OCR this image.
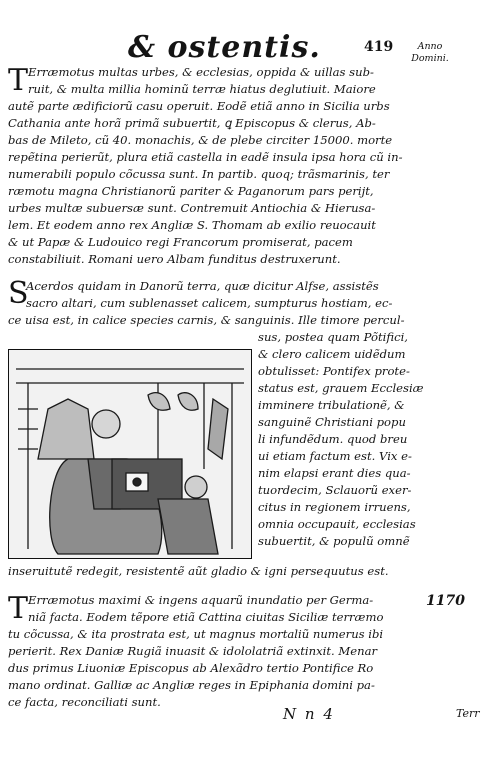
& ostentis.	419	Anno Domini.
T Erræmotus multas urbes, & ecclesias, oppida & uillas sub-
ruit, & multa millia hominũ terræ hiatus deglutiuit. Maiore
autẽ parte ædificiorũ casu operuit. Eodẽ etiã anno in Sicilia urbs
Cathania ante horã primã subuertit, ꝗ Episcopus & clerus, Ab-
bas de Mileto, cũ 40. monachis, & de plebe circiter 15000. morte
repẽtina perierũt, plura etiã castella in eadẽ insula ipsa hora cũ in-
numerabili populo cõcussa sunt. In partib. quoq; trãsmarinis, ter
ræmotu magna Christianorũ pariter & Paganorum pars perijt,
urbes multæ subuersæ sunt. Contremuit Antiochia & Hierusa-
lem. Et eodem anno rex Angliæ S. Thomam ab exilio reuocauit
& ut Papæ & Ludouico regi Francorum promiserat, pacem
constabiliuit. Romani uero Albam funditus destruxerunt.
S
Acerdos quidam in Danorũ terra, quæ dicitur Alfse, assistẽs
sacro altari, cum sublenasset calicem, sumpturus hostiam, ec-
ce uisa est, in calice species carnis, & sanguinis. Ille timore percul-
sus, postea quam Põtifici,
& clero calicem uidẽdum
obtulisset: Pontifex prote-
status est, grauem Ecclesiæ
imminere tribulationẽ, &
sanguinẽ Christiani popu
li infundẽdum. quod breu
ui etiam factum est. Vix e-
nim elapsi erant dies qua-
tuordecim, Sclauorũ exer-
citus in regionem irruens,
omnia occupauit, ecclesias
subuertit, & populũ omnẽ
inseruitutẽ redegit, resistentẽ aũt gladio & igni persequutus est.
T Erræmotus maximi & ingens aquarũ inundatio per Germa-	1170
niã facta. Eodem tẽpore etiã Cattina ciuitas Siciliæ terræmo
tu cõcussa, & ita prostrata est, ut magnus mortaliũ numerus ibi
perierit. Rex Daniæ Rugiã inuasit & idololatriã extinxit. Menar
dus primus Liuoniæ Episcopus ab Alexãdro tertio Pontifice Ro
mano ordinat. Galliæ ac Angliæ reges in Epiphania domini pa-
ce facta, reconciliati sunt.
N n 4	Terr
